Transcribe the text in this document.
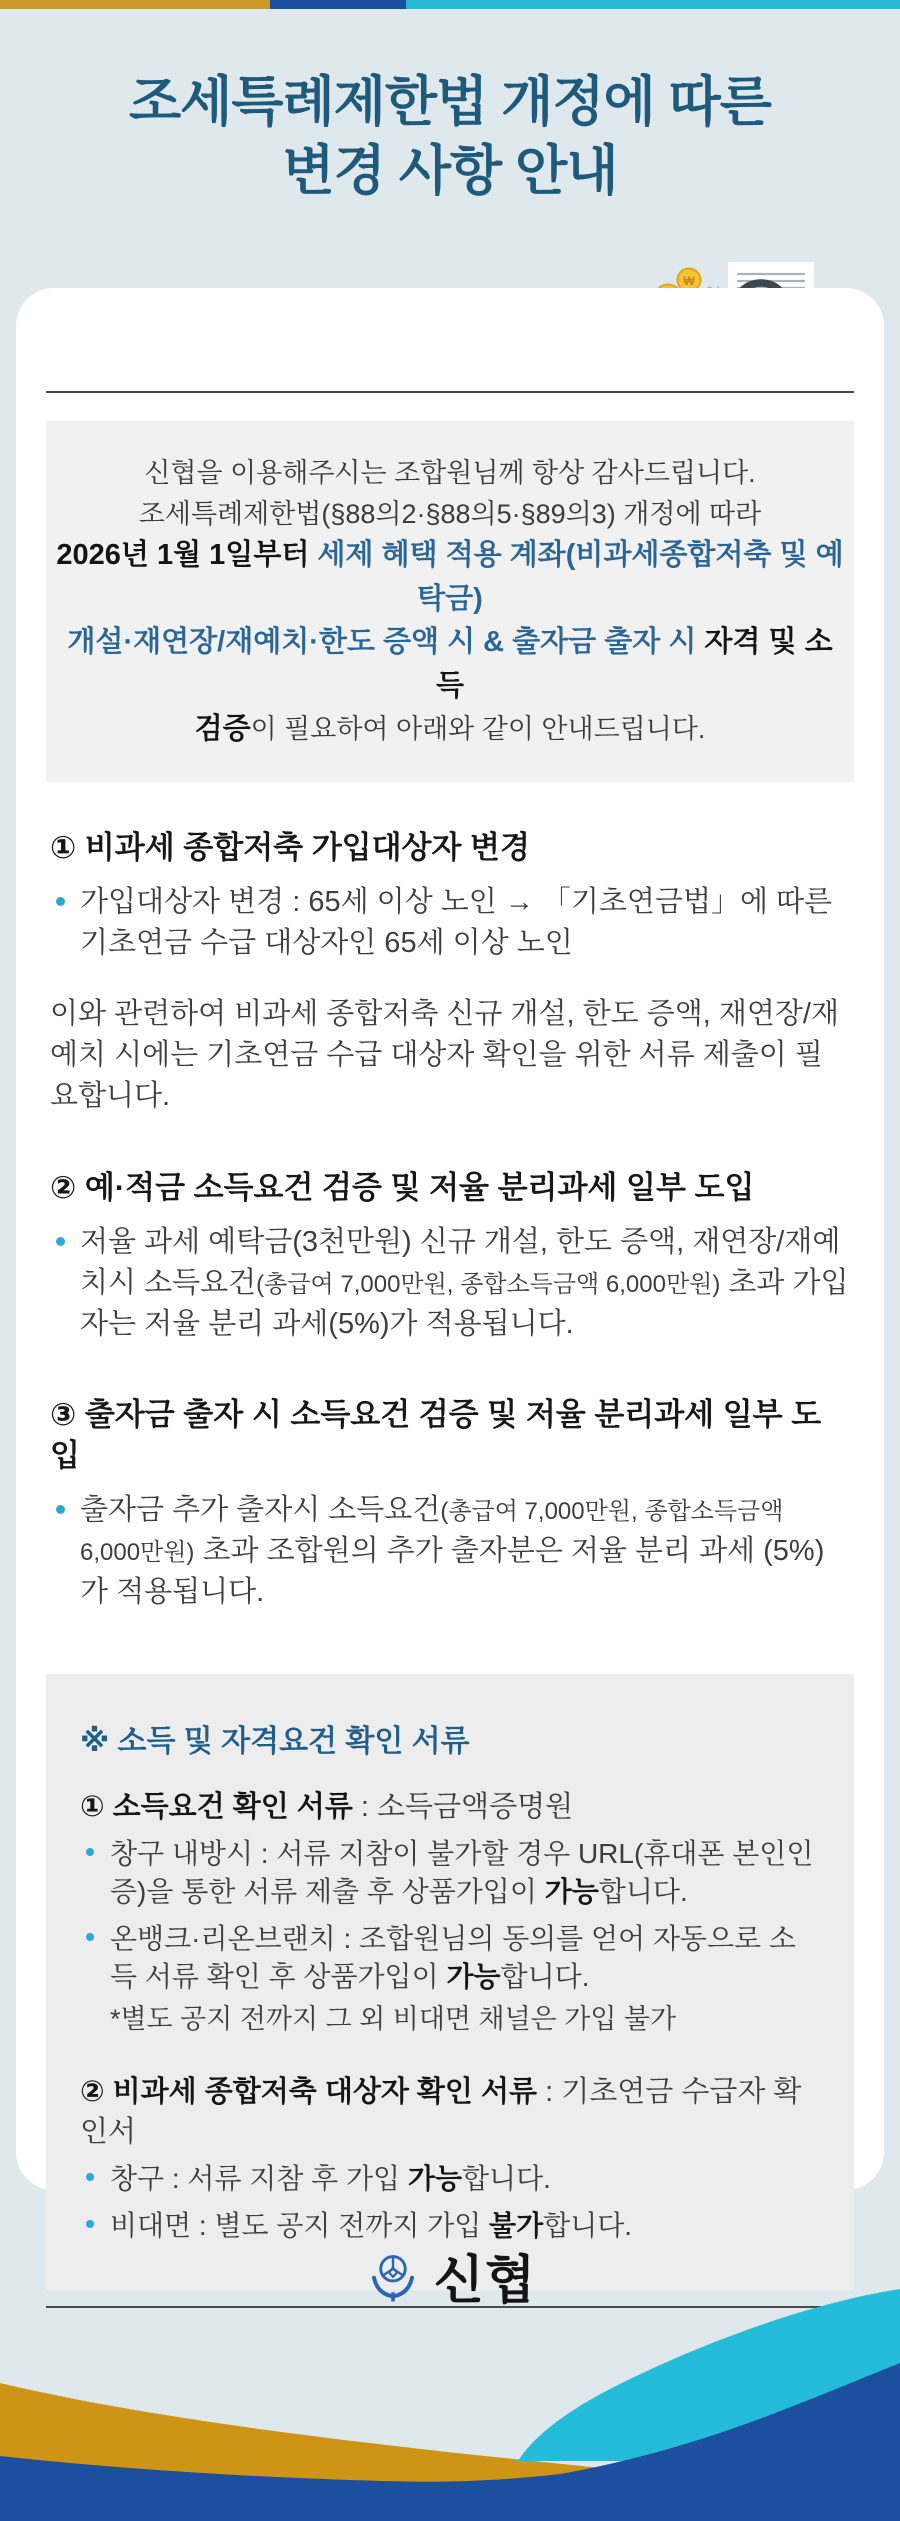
조세특례제한법 개정에 따른
변경 사항 안내
₩
신협을 이용해주시는 조합원님께 항상 감사드립니다.
조세특례제한법(§88의2·§88의5·§89의3) 개정에 따라
2026년 1월 1일부터 세제 혜택 적용 계좌(비과세종합저축 및 예탁금)
개설·재연장/재예치·한도 증액 시 & 출자금 출자 시 자격 및 소득
검증이 필요하여 아래와 같이 안내드립니다.
① 비과세 종합저축 가입대상자 변경
가입대상자 변경 : 65세 이상 노인 → 「기초연금법」에 따른 기초연금 수급 대상자인 65세 이상 노인
이와 관련하여 비과세 종합저축 신규 개설, 한도 증액, 재연장/재예치 시에는 기초연금 수급 대상자 확인을 위한 서류 제출이 필요합니다.
② 예·적금 소득요건 검증 및 저율 분리과세 일부 도입
저율 과세 예탁금(3천만원) 신규 개설, 한도 증액, 재연장/재예치시 소득요건(총급여 7,000만원, 종합소득금액 6,000만원) 초과 가입자는 저율 분리 과세(5%)가 적용됩니다.
③ 출자금 출자 시 소득요건 검증 및 저율 분리과세 일부 도입
출자금 추가 출자시 소득요건(총급여 7,000만원, 종합소득금액 6,000만원) 초과 조합원의 추가 출자분은 저율 분리 과세 (5%)가 적용됩니다.
※ 소득 및 자격요건 확인 서류
① 소득요건 확인 서류 : 소득금액증명원
창구 내방시 : 서류 지참이 불가할 경우 URL(휴대폰 본인인증)을 통한 서류 제출 후 상품가입이 가능합니다.
온뱅크·리온브랜치 : 조합원님의 동의를 얻어 자동으로 소득 서류 확인 후 상품가입이 가능합니다.
*별도 공지 전까지 그 외 비대면 채널은 가입 불가
② 비과세 종합저축 대상자 확인 서류 : 기초연금 수급자 확인서
창구 : 서류 지참 후 가입 가능합니다.
비대면 : 별도 공지 전까지 가입 불가합니다.
신협
